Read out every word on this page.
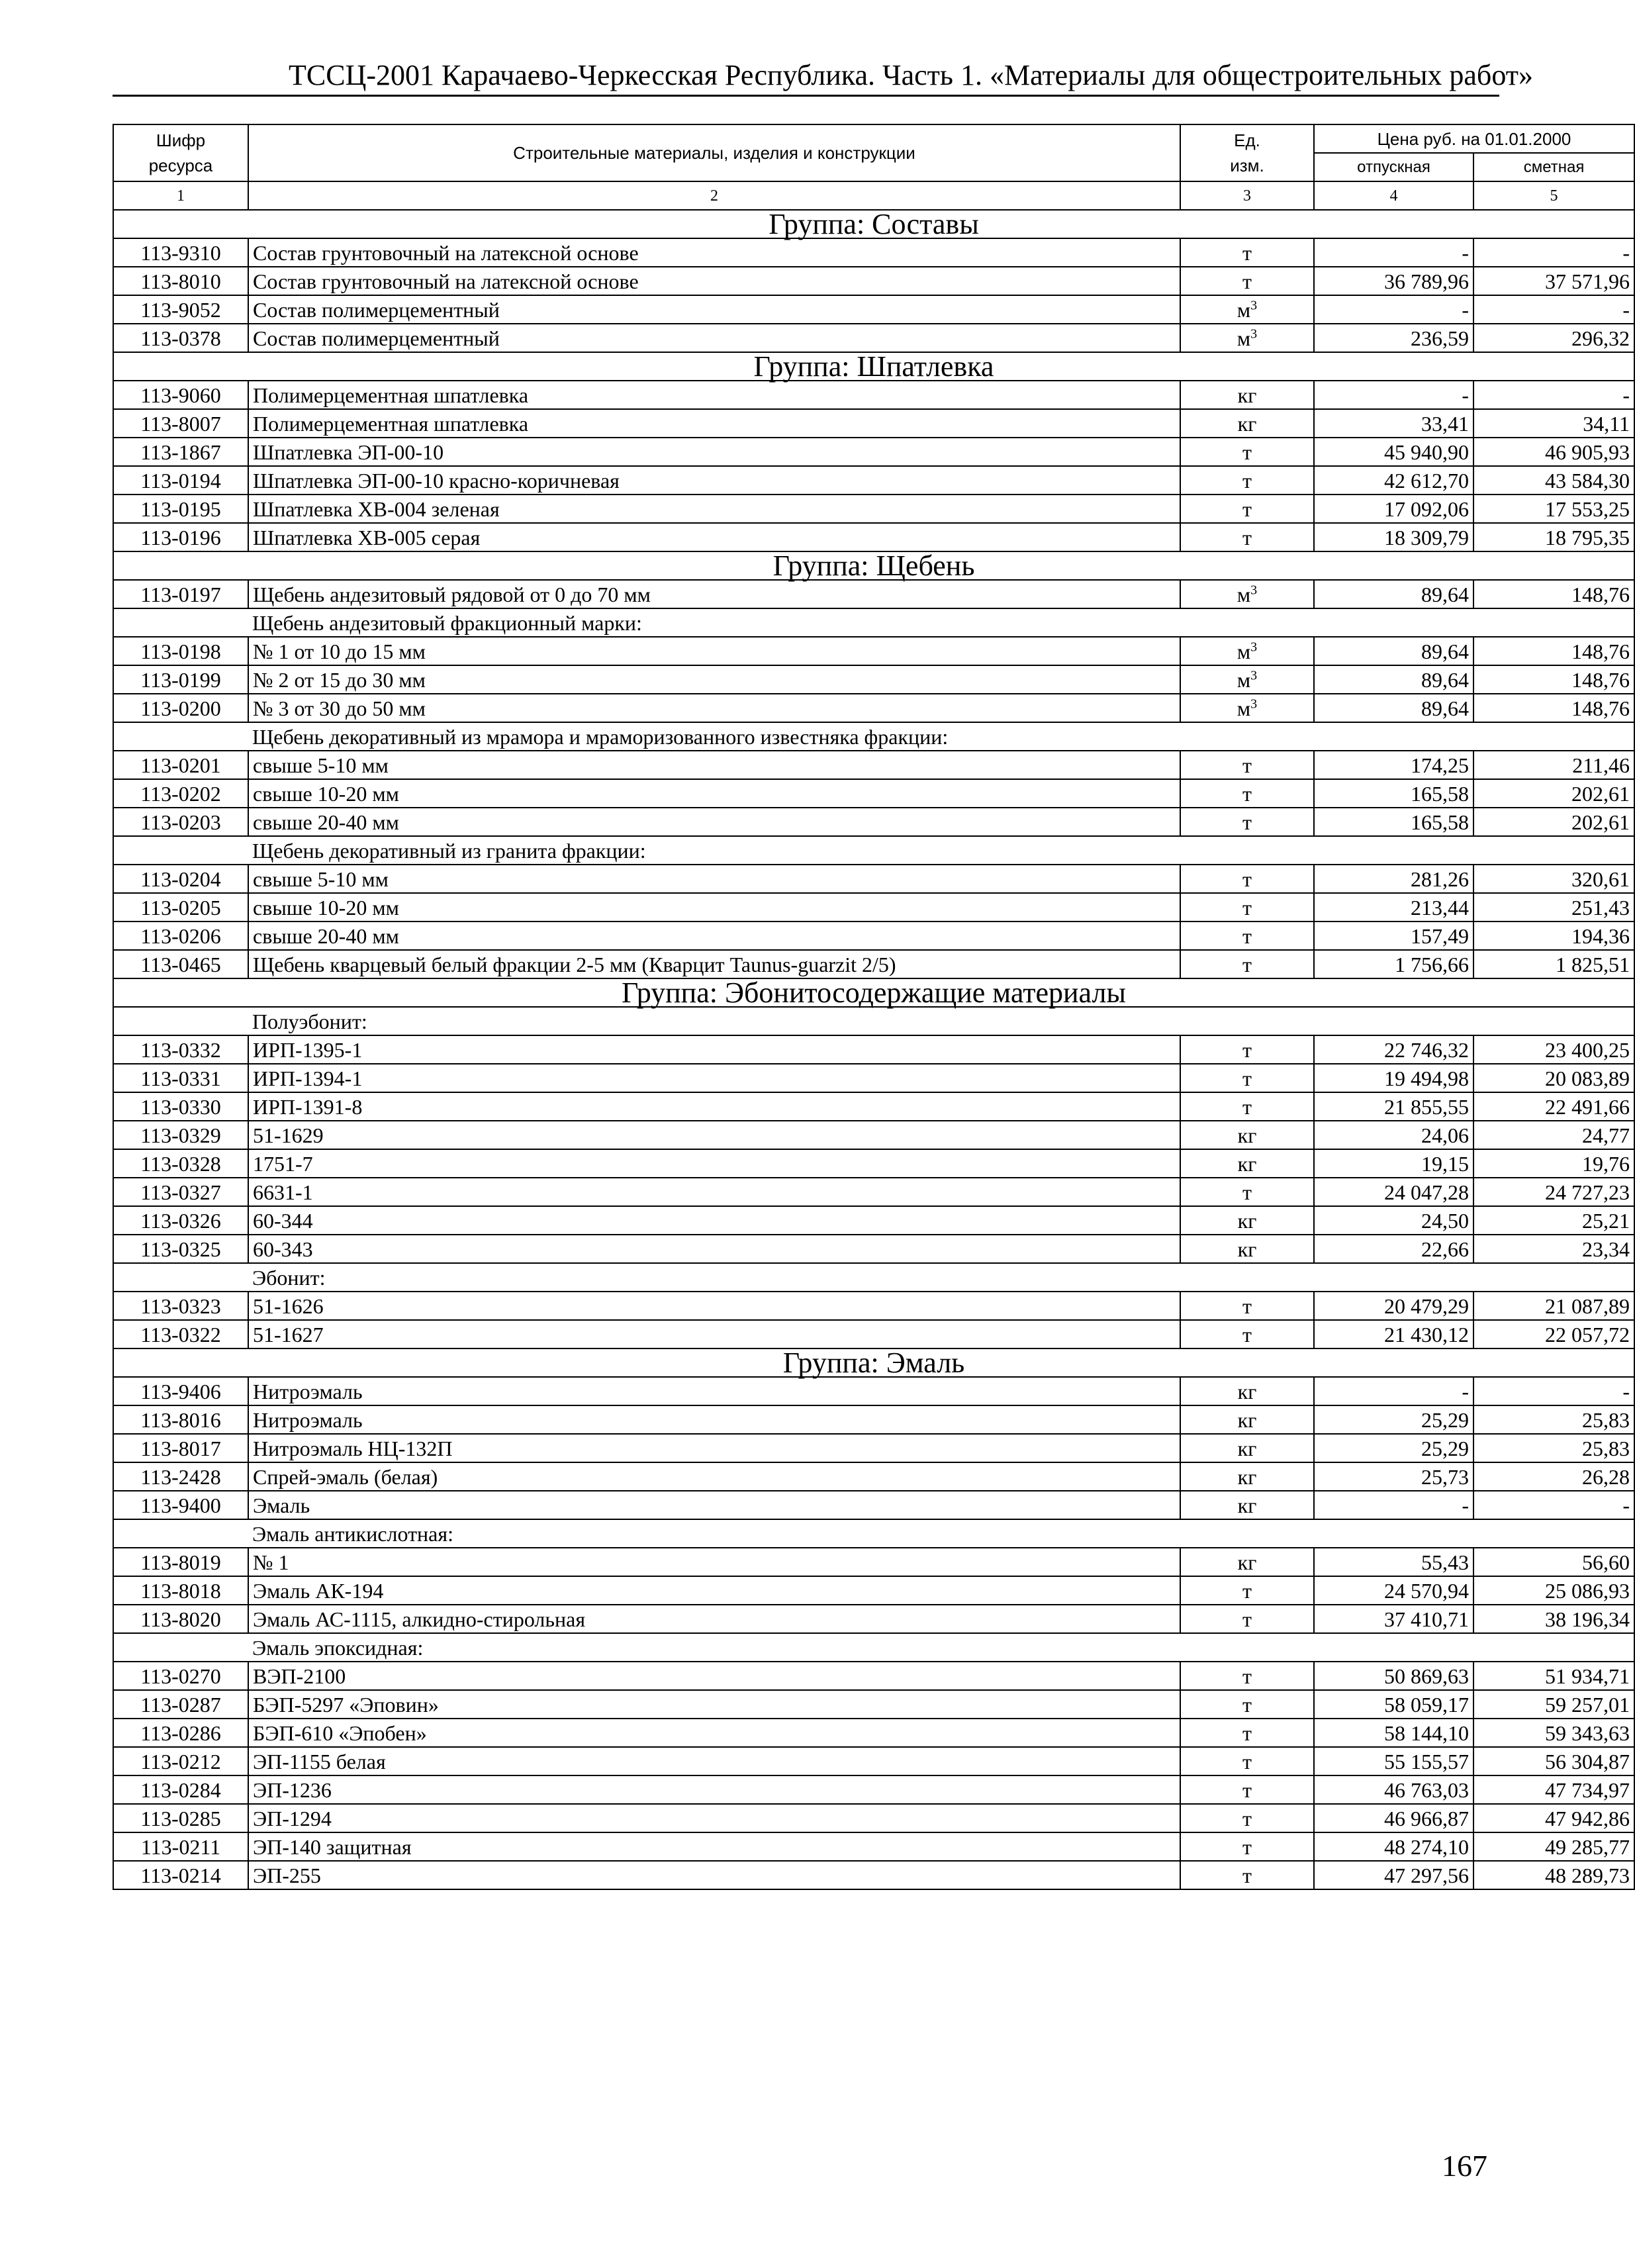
ТССЦ-2001 Карачаево-Черкесская Республика. Часть 1. «Материалы для общестроительных работ»
Шифр
ресурса	Строительные материалы, изделия и конструкции	Ед.
изм.	Цена руб. на 01.01.2000	
			отпускная	сметная
1	2	3	4	5
Группа: Составы				
113-9310	Состав грунтовочный на латексной основе	т	-	-
113-8010	Состав грунтовочный на латексной основе	т	36 789,96	37 571,96
113-9052	Состав полимерцементный	$м^3$	-	-
113-0378	Состав полимерцементный	$м^3$	236,59	296,32
Группа: Шпатлевка				
113-9060	Полимерцементная шпатлевка	кг	-	-
113-8007	Полимерцементная шпатлевка	кг	33,41	34,11
113-1867	Шпатлевка ЭП-00-10	т	45 940,90	46 905,93
113-0194	Шпатлевка ЭП-00-10 красно-коричневая	т	42 612,70	43 584,30
113-0195	Шпатлевка ХВ-004 зеленая	т	17 092,06	17 553,25
113-0196	Шпатлевка ХВ-005 серая	т	18 309,79	18 795,35
Группа: Щебень				
113-0197	Щебень андезитовый рядовой от 0 до 70 мм	$м^3$	89,64	148,76
	Щебень андезитовый фракционный марки:			
113-0198	№ 1 от 10 до 15 мм	$м^3$	89,64	148,76
113-0199	№ 2 от 15 до 30 мм	$м^3$	89,64	148,76
113-0200	№ 3 от 30 до 50 мм	$м^3$	89,64	148,76
	Щебень декоративный из мрамора и мраморизованного известняка фракции:			
113-0201	свыше 5-10 мм	т	174,25	211,46
113-0202	свыше 10-20 мм	т	165,58	202,61
113-0203	свыше 20-40 мм	т	165,58	202,61
	Щебень декоративный из гранита фракции:			
113-0204	свыше 5-10 мм	т	281,26	320,61
113-0205	свыше 10-20 мм	т	213,44	251,43
113-0206	свыше 20-40 мм	т	157,49	194,36
113-0465	Щебень кварцевый белый фракции 2-5 мм (Кварцит Taunus-guarzit 2/5)	т	1 756,66	1 825,51
Группа: Эбонитосодержащие материалы				
	Полуэбонит:			
113-0332	ИРП-1395-1	т	22 746,32	23 400,25
113-0331	ИРП-1394-1	т	19 494,98	20 083,89
113-0330	ИРП-1391-8	т	21 855,55	22 491,66
113-0329	51-1629	кг	24,06	24,77
113-0328	1751-7	кг	19,15	19,76
113-0327	6631-1	т	24 047,28	24 727,23
113-0326	60-344	кг	24,50	25,21
113-0325	60-343	кг	22,66	23,34
	Эбонит:			
113-0323	51-1626	т	20 479,29	21 087,89
113-0322	51-1627	т	21 430,12	22 057,72
Группа: Эмаль				
113-9406	Нитроэмаль	кг	-	-
113-8016	Нитроэмаль	кг	25,29	25,83
113-8017	Нитроэмаль НЦ-132П	кг	25,29	25,83
113-2428	Спрей-эмаль (белая)	кг	25,73	26,28
113-9400	Эмаль	кг	-	-
	Эмаль антикислотная:			
113-8019	№ 1	кг	55,43	56,60
113-8018	Эмаль АК-194	т	24 570,94	25 086,93
113-8020	Эмаль АС-1115, алкидно-стирольная	т	37 410,71	38 196,34
	Эмаль эпоксидная:			
113-0270	ВЭП-2100	т	50 869,63	51 934,71
113-0287	БЭП-5297 «Эповин»	т	58 059,17	59 257,01
113-0286	БЭП-610 «Эпобен»	т	58 144,10	59 343,63
113-0212	ЭП-1155 белая	т	55 155,57	56 304,87
113-0284	ЭП-1236	т	46 763,03	47 734,97
113-0285	ЭП-1294	т	46 966,87	47 942,86
113-0211	ЭП-140 защитная	т	48 274,10	49 285,77
113-0214	ЭП-255	т	47 297,56	48 289,73
167
